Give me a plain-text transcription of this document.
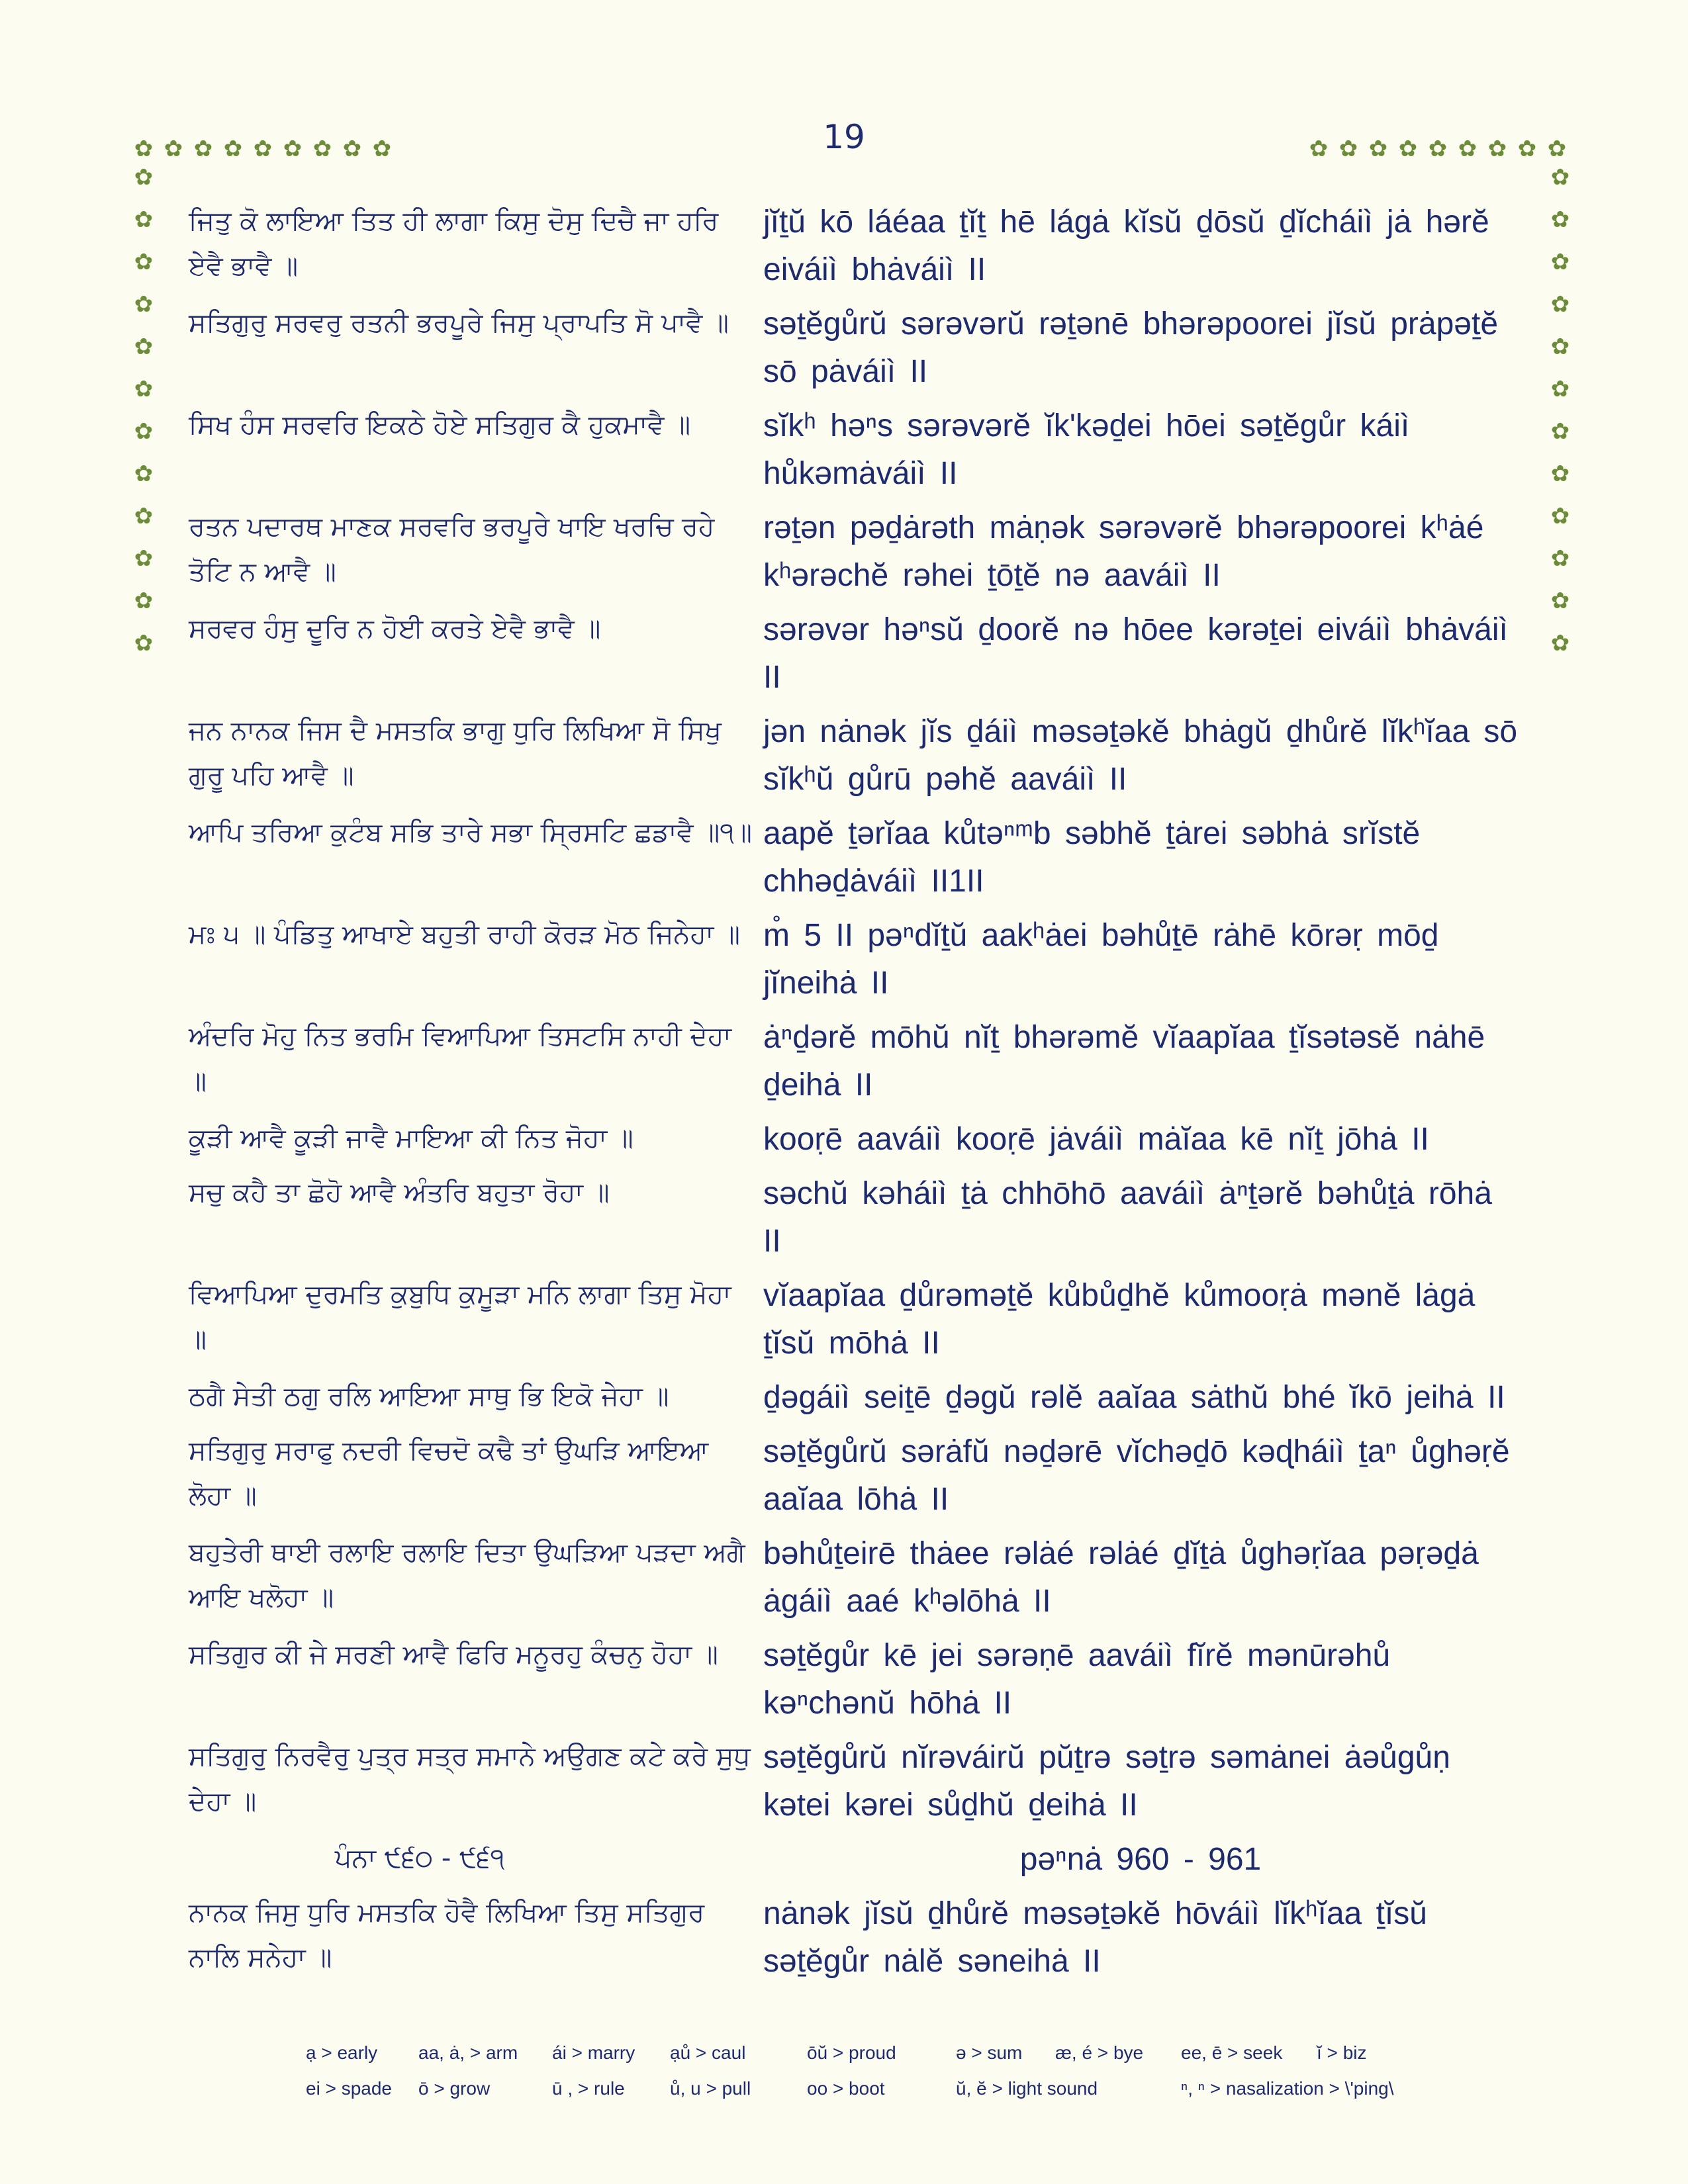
19
✿ ✿ ✿ ✿ ✿ ✿ ✿ ✿ ✿	✿ ✿ ✿ ✿ ✿ ✿ ✿ ✿ ✿
✿
✿
✿
✿
✿
✿
✿
✿
✿
✿
✿
✿
✿
✿
✿
✿
✿
✿
✿
✿
✿
✿
✿
✿
ਜਿਤੁ ਕੋ ਲਾਇਆ ਤਿਤ ਹੀ ਲਾਗਾ ਕਿਸੁ ਦੋਸੁ ਦਿਚੈ ਜਾ ਹਰਿ ਏਵੈ ਭਾਵੈ ॥
jĭṯŭ kō láéaa ṯĭṯ hē lágȧ kĭsŭ ḏōsŭ ḏĭcháiì jȧ hərĕ eiváiì bhȧváiì II
ਸਤਿਗੁਰੁ ਸਰਵਰੁ ਰਤਨੀ ਭਰਪੂਰੇ ਜਿਸੁ ਪ੍ਰਾਪਤਿ ਸੋ ਪਾਵੈ ॥	səṯĕgůrŭ sərəvərŭ rəṯənē bhərəpoorei jĭsŭ prȧpəṯĕ sō pȧváiì II
ਸਿਖ ਹੰਸ ਸਰਵਰਿ ਇਕਠੇ ਹੋਏ ਸਤਿਗੁਰ ਕੈ ਹੁਕਮਾਵੈ ॥	sĭkʰ həⁿs sərəvərĕ ĭk'kəḏei hōei səṯĕgůr káiì hůkəmȧváiì II
ਰਤਨ ਪਦਾਰਥ ਮਾਣਕ ਸਰਵਰਿ ਭਰਪੂਰੇ ਖਾਇ ਖਰਚਿ ਰਹੇ ਤੋਟਿ ਨ ਆਵੈ ॥
rəṯən pəḏȧrəth mȧṇək sərəvərĕ bhərəpoorei kʰȧé kʰərəchĕ rəhei ṯōṯĕ nə aaváiì II
ਸਰਵਰ ਹੰਸੁ ਦੂਰਿ ਨ ਹੋਈ ਕਰਤੇ ਏਵੈ ਭਾਵੈ ॥	sərəvər həⁿsŭ ḏoorĕ nə hōee kərəṯei eiváiì bhȧváiì II
ਜਨ ਨਾਨਕ ਜਿਸ ਦੈ ਮਸਤਕਿ ਭਾਗੁ ਧੁਰਿ ਲਿਖਿਆ ਸੋ ਸਿਖੁ ਗੁਰੂ ਪਹਿ ਆਵੈ ॥
jən nȧnək jĭs ḏáiì məsəṯəkĕ bhȧgŭ ḏhůrĕ lĭkʰĭaa sō sĭkʰŭ gůrū pəhĕ aaváiì II
ਆਪਿ ਤਰਿਆ ਕੁਟੰਬ ਸਭਿ ਤਾਰੇ ਸਭਾ ਸ੍ਰਿਸਟਿ ਛਡਾਵੈ ॥੧॥ aapĕ ṯərĭaa kůtəⁿᵐb səbhĕ ṯȧrei səbhȧ srĭstĕ chhəḏȧváiì II1II
ਮਃ ੫ ॥ ਪੰਡਿਤੁ ਆਖਾਏ ਬਹੁਤੀ ਰਾਹੀ ਕੋਰੜ ਮੋਠ ਜਿਨੇਹਾ ॥ m̊ 5 II pəⁿdĭṯŭ aakʰȧei bəhůṯē rȧhē kōrəṛ mōḏ jĭneihȧ II
ਅੰਦਰਿ ਮੋਹੁ ਨਿਤ ਭਰਮਿ ਵਿਆਪਿਆ ਤਿਸਟਸਿ ਨਾਹੀ ਦੇਹਾ ॥
ȧⁿḏərĕ mōhŭ nĭṯ bhərəmĕ vĭaapĭaa ṯĭsətəsĕ nȧhē ḏeihȧ II
ਕੂੜੀ ਆਵੈ ਕੂੜੀ ਜਾਵੈ ਮਾਇਆ ਕੀ ਨਿਤ ਜੋਹਾ ॥	kooṛē aaváiì kooṛē jȧváiì mȧĭaa kē nĭṯ jōhȧ II
ਸਚੁ ਕਹੈ ਤਾ ਛੋਹੋ ਆਵੈ ਅੰਤਰਿ ਬਹੁਤਾ ਰੋਹਾ ॥	səchŭ kəháiì ṯȧ chhōhō aaváiì ȧⁿṯərĕ bəhůṯȧ rōhȧ II
ਵਿਆਪਿਆ ਦੁਰਮਤਿ ਕੁਬੁਧਿ ਕੁਮੂੜਾ ਮਨਿ ਲਾਗਾ ਤਿਸੁ ਮੋਹਾ ॥
vĭaapĭaa ḏůrəməṯĕ kůbůḏhĕ kůmooṛȧ mənĕ lȧgȧ ṯĭsŭ mōhȧ II
ਠਗੈ ਸੇਤੀ ਠਗੁ ਰਲਿ ਆਇਆ ਸਾਥੁ ਭਿ ਇਕੋ ਜੇਹਾ ॥	ḏəgáiì seiṯē ḏəgŭ rəlĕ aaĭaa sȧthŭ bhé ĭkō jeihȧ II
ਸਤਿਗੁਰੁ ਸਰਾਫੁ ਨਦਰੀ ਵਿਚਦੋ ਕਢੈ ਤਾਂ ਉਘੜਿ ਆਇਆ ਲੋਹਾ ॥
səṯĕgůrŭ sərȧfŭ nəḏərē vĭchəḏō kəɖháiì ṯaⁿ ůghəṛĕ aaĭaa lōhȧ II
ਬਹੁਤੇਰੀ ਥਾਈ ਰਲਾਇ ਰਲਾਇ ਦਿਤਾ ਉਘੜਿਆ ਪੜਦਾ ਅਗੈ ਆਇ ਖਲੋਹਾ ॥
bəhůṯeirē thȧee rəlȧé rəlȧé ḏĭṯȧ ůghəṛĭaa pəṛəḏȧ ȧgáiì aaé kʰəlōhȧ II
ਸਤਿਗੁਰ ਕੀ ਜੇ ਸਰਣੀ ਆਵੈ ਫਿਰਿ ਮਨੂਰਹੁ ਕੰਚਨੁ ਹੋਹਾ ॥	səṯĕgůr kē jei sərəṇē aaváiì fĭrĕ mənūrəhů kəⁿchənŭ hōhȧ II
ਸਤਿਗੁਰੁ ਨਿਰਵੈਰੁ ਪੁਤ੍ਰ ਸਤ੍ਰ ਸਮਾਨੇ ਅਉਗਣ ਕਟੇ ਕਰੇ ਸੁਧੁ ਦੇਹਾ ॥
səṯĕgůrŭ nĭrəváirŭ pŭṯrə səṯrə səmȧnei ȧəůgůṇ kətei kərei sůḏhŭ ḏeihȧ II
ਪੰਨਾ ੯੬੦ - ੯੬੧	pəⁿnȧ 960 - 961
ਨਾਨਕ ਜਿਸੁ ਧੁਰਿ ਮਸਤਕਿ ਹੋਵੈ ਲਿਖਿਆ ਤਿਸੁ ਸਤਿਗੁਰ ਨਾਲਿ ਸਨੇਹਾ ॥
nȧnək jĭsŭ ḏhůrĕ məsəṯəkĕ hōváiì lĭkʰĭaa ṯĭsŭ səṯĕgůr nȧlĕ səneihȧ II
ạ > early	aa, ȧ, > arm	ái > marry	ạů > caul	ōŭ > proud	ə > sum	æ, é > bye	ee, ē > seek	ĭ > biz
ei > spade	ō > grow	ū , > rule	ů, u > pull	oo > boot	ŭ, ĕ > light sound	ⁿ, ⁿ > nasalization > \'ping\
